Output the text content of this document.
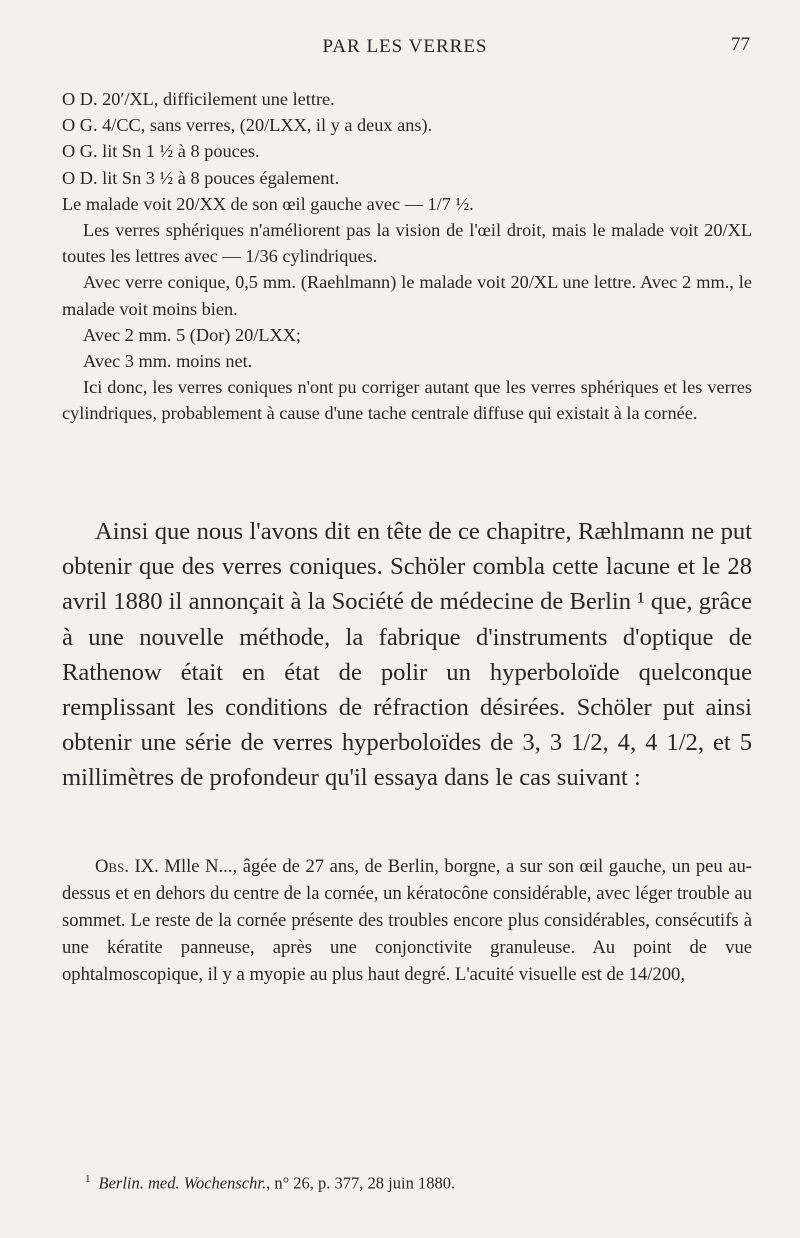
PAR LES VERRES	77

O D. 20′/XL, difficilement une lettre.

O G. 4/CC, sans verres, (20/LXX, il y a deux ans).

O G. lit Sn 1 ½ à 8 pouces.

O D. lit Sn 3 ½ à 8 pouces également.

Le malade voit 20/XX de son œil gauche avec — 1/7 ½.

Les verres sphériques n'améliorent pas la vision de l'œil droit, mais le malade voit 20/XL toutes les lettres avec — 1/36 cylindriques.

Avec verre conique, 0,5 mm. (Raehlmann) le malade voit 20/XL une lettre. Avec 2 mm., le malade voit moins bien.

Avec 2 mm. 5 (Dor) 20/LXX;

Avec 3 mm. moins net.

Ici donc, les verres coniques n'ont pu corriger autant que les verres sphériques et les verres cylindriques, probablement à cause d'une tache centrale diffuse qui existait à la cornée.

Ainsi que nous l'avons dit en tête de ce chapitre, Ræhlmann ne put obtenir que des verres coniques. Schöler combla cette lacune et le 28 avril 1880 il annonçait à la Société de médecine de Berlin ¹ que, grâce à une nouvelle méthode, la fabrique d'instruments d'optique de Rathenow était en état de polir un hyperboloïde quelconque remplissant les conditions de réfraction désirées. Schöler put ainsi obtenir une série de verres hyperboloïdes de 3, 3 1/2, 4, 4 1/2, et 5 millimètres de profondeur qu'il essaya dans le cas suivant :

Obs. IX. Mlle N..., âgée de 27 ans, de Berlin, borgne, a sur son œil gauche, un peu au-dessus et en dehors du centre de la cornée, un kératocône considérable, avec léger trouble au sommet. Le reste de la cornée présente des troubles encore plus considérables, consécutifs à une kératite panneuse, après une conjonctivite granuleuse. Au point de vue ophtalmoscopique, il y a myopie au plus haut degré. L'acuité visuelle est de 14/200,

$^1$ Berlin. med. Wochenschr., n° 26, p. 377, 28 juin 1880.
